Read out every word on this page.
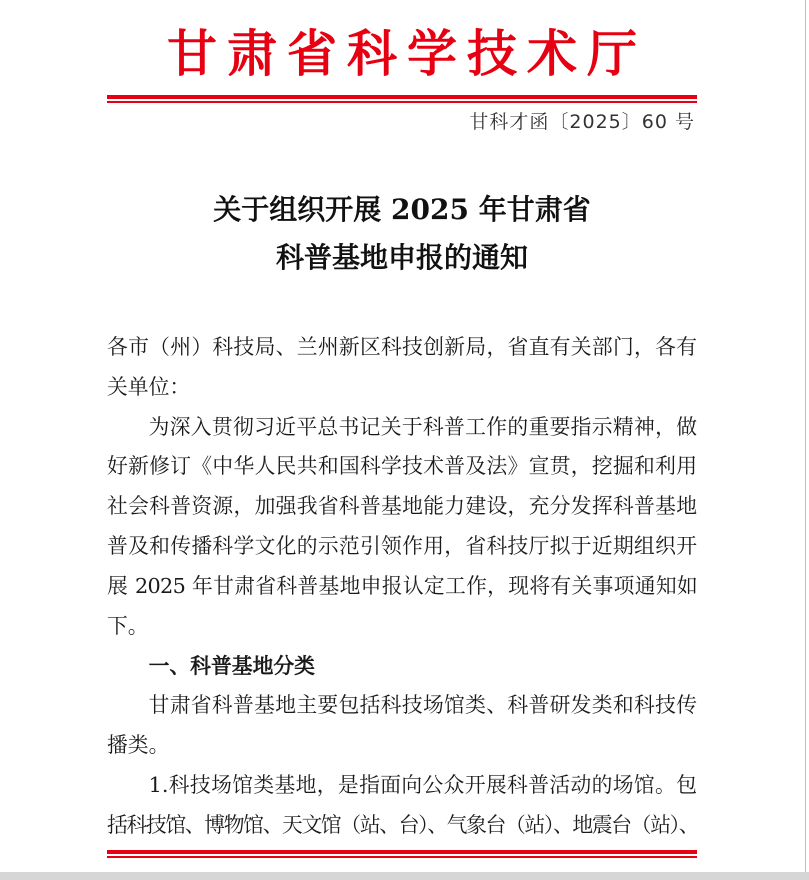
甘肃省科学技术厅
甘科才函〔2025〕60 号
关于组织开展 2025 年甘肃省
科普基地申报的通知
各市（州）科技局、兰州新区科技创新局，省直有关部门，各有
关单位：
为深入贯彻习近平总书记关于科普工作的重要指示精神，做
好新修订《中华人民共和国科学技术普及法》宣贯，挖掘和利用
社会科普资源，加强我省科普基地能力建设，充分发挥科普基地
普及和传播科学文化的示范引领作用，省科技厅拟于近期组织开
展 2025 年甘肃省科普基地申报认定工作，现将有关事项通知如
下。
一、科普基地分类
甘肃省科普基地主要包括科技场馆类、科普研发类和科技传
播类。
1.科技场馆类基地，是指面向公众开展科普活动的场馆。包
括科技馆、博物馆、天文馆（站、台）、气象台（站）、地震台（站）、
